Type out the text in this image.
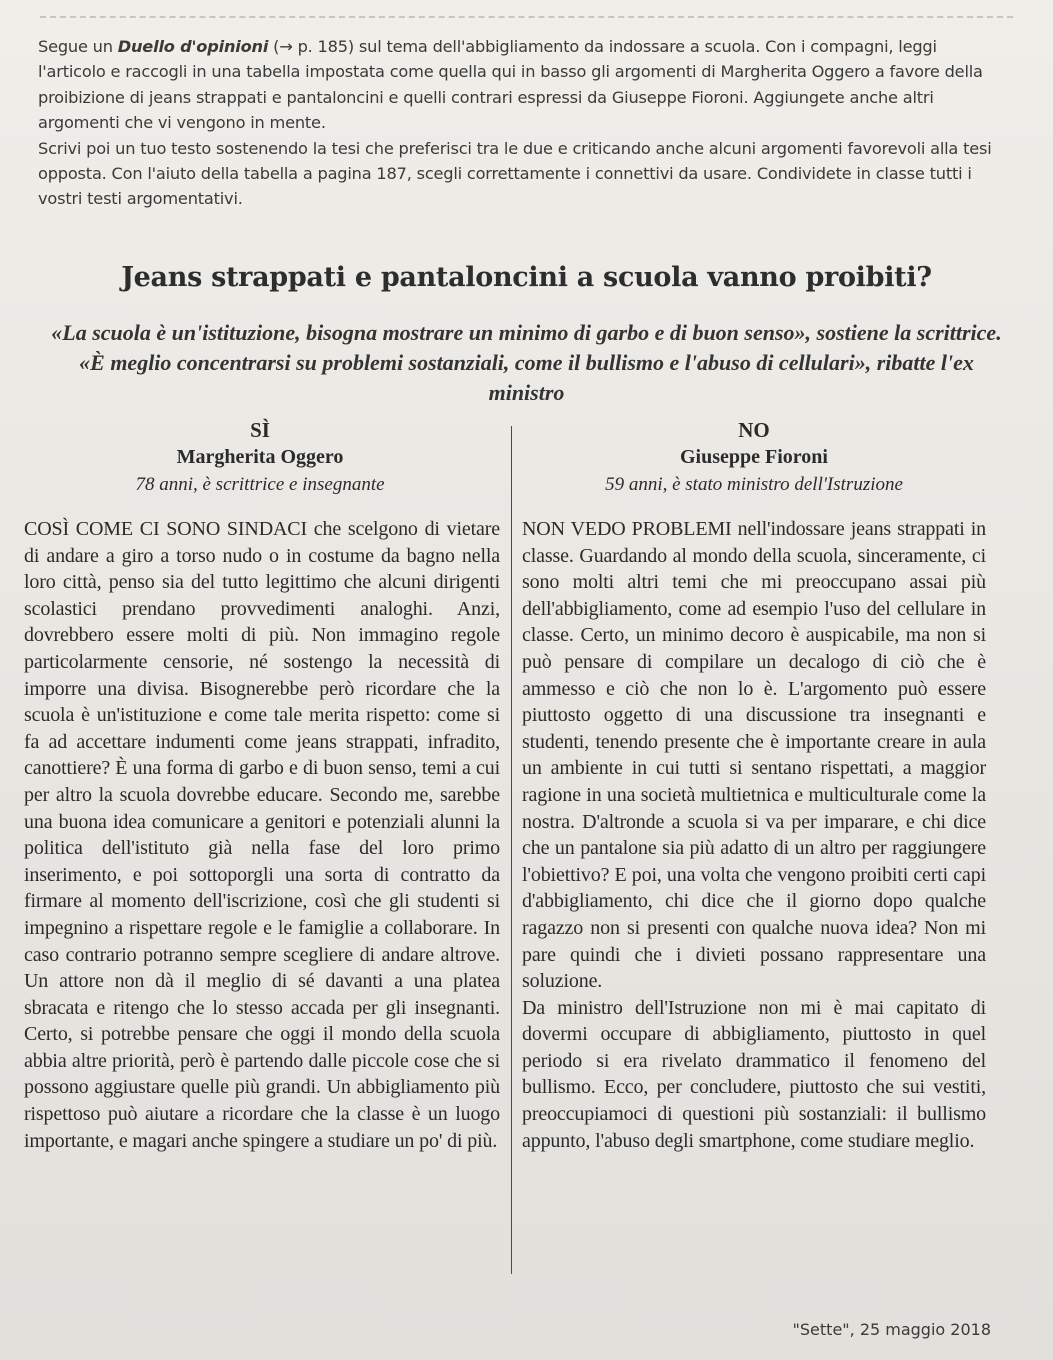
Segue un Duello d'opinioni (→ p. 185) sul tema dell'abbigliamento da indossare a scuola. Con i compagni, leggi l'articolo e raccogli in una tabella impostata come quella qui in basso gli argomenti di Margherita Oggero a favore della proibizione di jeans strappati e pantaloncini e quelli contrari espressi da Giuseppe Fioroni. Aggiungete anche altri argomenti che vi vengono in mente.

Scrivi poi un tuo testo sostenendo la tesi che preferisci tra le due e criticando anche alcuni argomenti favorevoli alla tesi opposta. Con l'aiuto della tabella a pagina 187, scegli correttamente i connettivi da usare. Condividete in classe tutti i vostri testi argomentativi.

Jeans strappati e pantaloncini a scuola vanno proibiti?
«La scuola è un'istituzione, bisogna mostrare un minimo di garbo e di buon senso», sostiene la scrittrice. «È meglio concentrarsi su problemi sostanziali, come il bullismo e l'abuso di cellulari», ribatte l'ex ministro
SÌ
Margherita Oggero
78 anni, è scrittrice e insegnante

COSÌ COME CI SONO SINDACI che scelgono di vietare di andare a giro a torso nudo o in costume da bagno nella loro città, penso sia del tutto legittimo che alcuni dirigenti scolastici prendano provvedimenti analoghi. Anzi, dovrebbero essere molti di più. Non immagino regole particolarmente censorie, né sostengo la necessità di imporre una divisa. Bisognerebbe però ricordare che la scuola è un'istituzione e come tale merita rispetto: come si fa ad accettare indumenti come jeans strappati, infradito, canottiere? È una forma di garbo e di buon senso, temi a cui per altro la scuola dovrebbe educare. Secondo me, sarebbe una buona idea comunicare a genitori e potenziali alunni la politica dell'istituto già nella fase del loro primo inserimento, e poi sottoporgli una sorta di contratto da firmare al momento dell'iscrizione, così che gli studenti si impegnino a rispettare regole e le famiglie a collaborare. In caso contrario potranno sempre scegliere di andare altrove. Un attore non dà il meglio di sé davanti a una platea sbracata e ritengo che lo stesso accada per gli insegnanti. Certo, si potrebbe pensare che oggi il mondo della scuola abbia altre priorità, però è partendo dalle piccole cose che si possono aggiustare quelle più grandi. Un abbigliamento più rispettoso può aiutare a ricordare che la classe è un luogo importante, e magari anche spingere a studiare un po' di più.

NO
Giuseppe Fioroni
59 anni, è stato ministro dell'Istruzione

NON VEDO PROBLEMI nell'indossare jeans strappati in classe. Guardando al mondo della scuola, sinceramente, ci sono molti altri temi che mi preoccupano assai più dell'abbigliamento, come ad esempio l'uso del cellulare in classe. Certo, un minimo decoro è auspicabile, ma non si può pensare di compilare un decalogo di ciò che è ammesso e ciò che non lo è. L'argomento può essere piuttosto oggetto di una discussione tra insegnanti e studenti, tenendo presente che è importante creare in aula un ambiente in cui tutti si sentano rispettati, a maggior ragione in una società multietnica e multiculturale come la nostra. D'altronde a scuola si va per imparare, e chi dice che un pantalone sia più adatto di un altro per raggiungere l'obiettivo? E poi, una volta che vengono proibiti certi capi d'abbigliamento, chi dice che il giorno dopo qualche ragazzo non si presenti con qualche nuova idea? Non mi pare quindi che i divieti possano rappresentare una soluzione.

Da ministro dell'Istruzione non mi è mai capitato di dovermi occupare di abbigliamento, piuttosto in quel periodo si era rivelato drammatico il fenomeno del bullismo. Ecco, per concludere, piuttosto che sui vestiti, preoccupiamoci di questioni più sostanziali: il bullismo appunto, l'abuso degli smartphone, come studiare meglio.

"Sette", 25 maggio 2018
